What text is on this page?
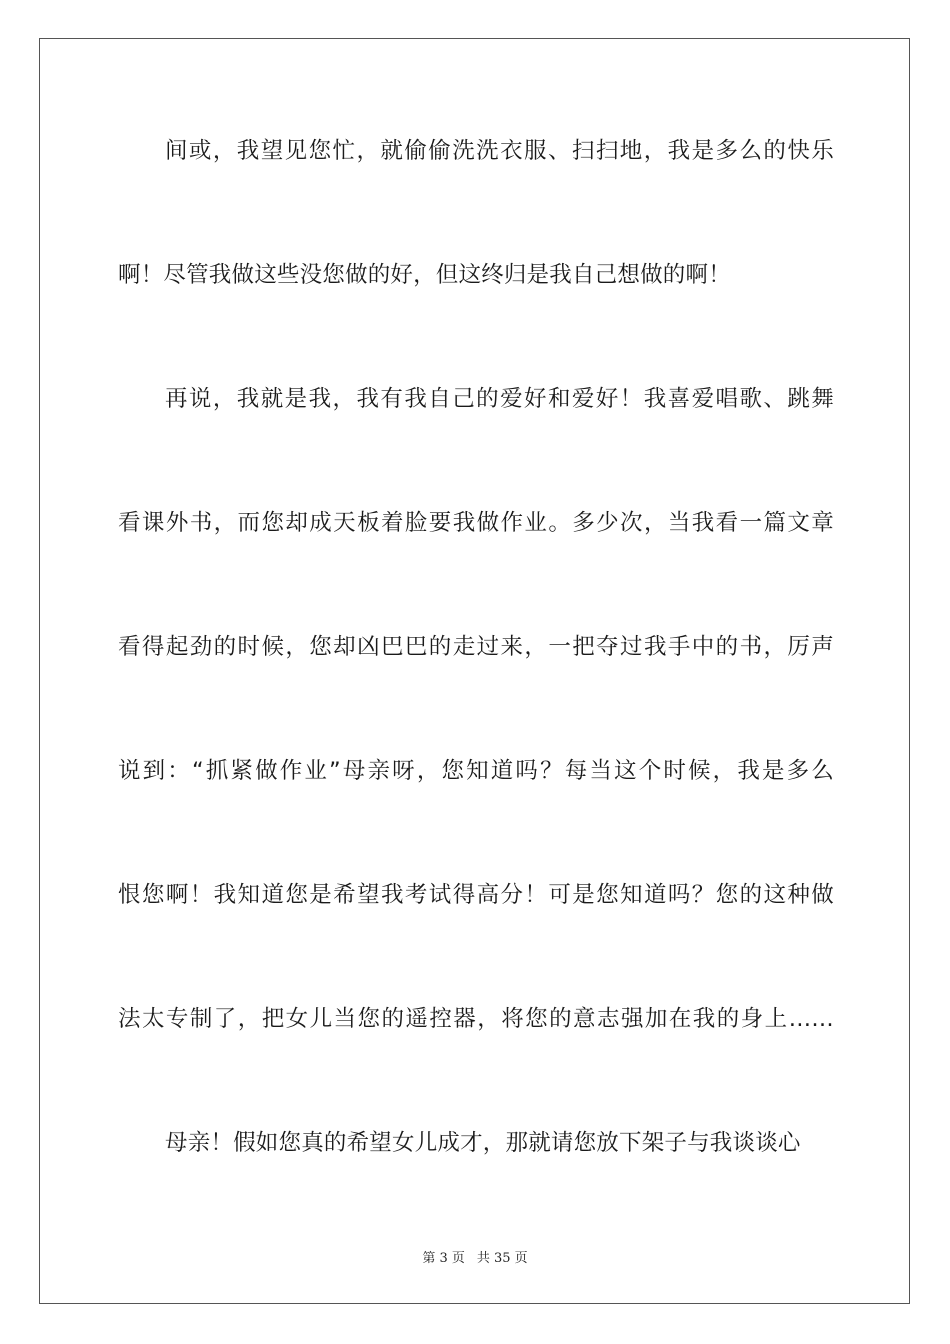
间或，我望见您忙，就偷偷洗洗衣服、扫扫地，我是多么的快乐
啊！尽管我做这些没您做的好，但这终归是我自己想做的啊！
再说，我就是我，我有我自己的爱好和爱好！我喜爱唱歌、跳舞
看课外书，而您却成天板着脸要我做作业。多少次，当我看一篇文章
看得起劲的时候，您却凶巴巴的走过来，一把夺过我手中的书，厉声
说到：“抓紧做作业”母亲呀，您知道吗？每当这个时候，我是多么
恨您啊！我知道您是希望我考试得高分！可是您知道吗？您的这种做
法太专制了，把女儿当您的遥控器，将您的意志强加在我的身上……
母亲！假如您真的希望女儿成才，那就请您放下架子与我谈谈心
第 3 页 共 35 页
